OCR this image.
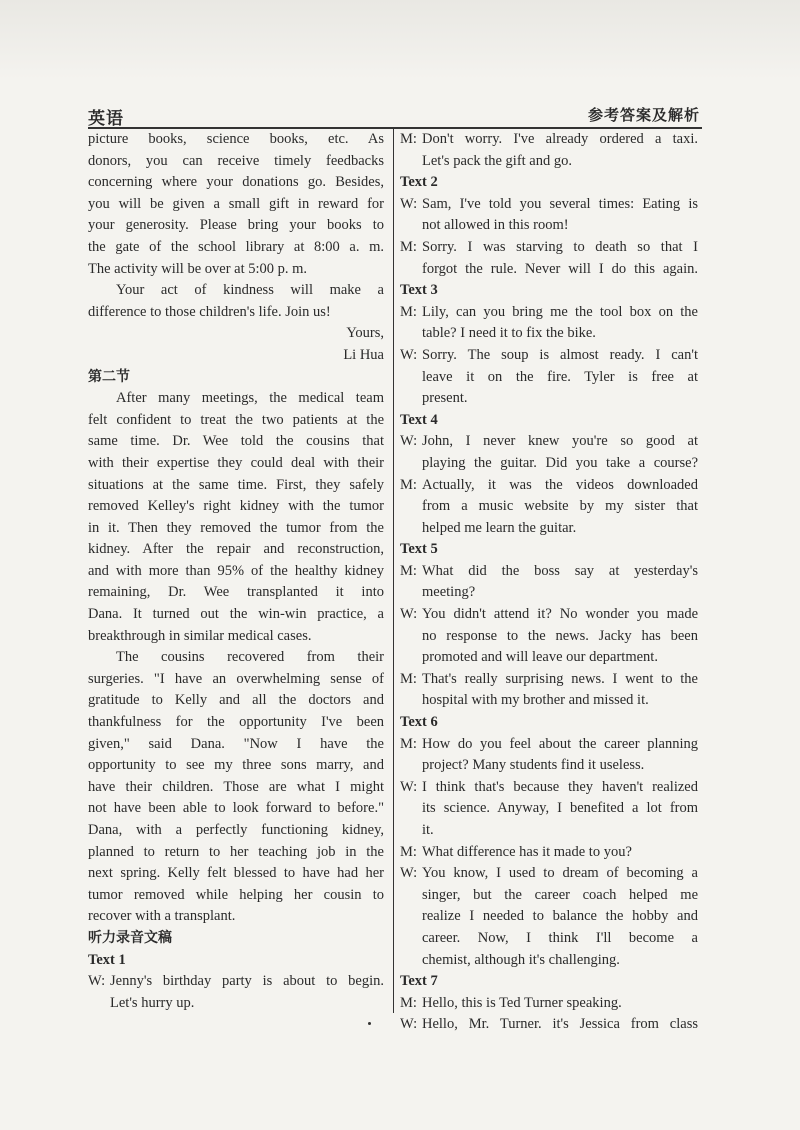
英语	参考答案及解析

picture books, science books, etc. As

donors, you can receive timely feedbacks

concerning where your donations go. Besides,

you will be given a small gift in reward for

your generosity. Please bring your books to

the gate of the school library at 8:00 a. m.

The activity will be over at 5:00 p. m.

Your act of kindness will make a

difference to those children's life. Join us!

Yours,

Li Hua

第二节

After many meetings, the medical team

felt confident to treat the two patients at the

same time. Dr. Wee told the cousins that

with their expertise they could deal with their

situations at the same time. First, they safely

removed Kelley's right kidney with the tumor

in it. Then they removed the tumor from the

kidney. After the repair and reconstruction,

and with more than 95% of the healthy kidney

remaining, Dr. Wee transplanted it into

Dana. It turned out the win-win practice, a

breakthrough in similar medical cases.

The cousins recovered from their

surgeries. "I have an overwhelming sense of

gratitude to Kelly and all the doctors and

thankfulness for the opportunity I've been

given," said Dana. "Now I have the

opportunity to see my three sons marry, and

have their children. Those are what I might

not have been able to look forward to before."

Dana, with a perfectly functioning kidney,

planned to return to her teaching job in the

next spring. Kelly felt blessed to have had her

tumor removed while helping her cousin to

recover with a transplant.

听力录音文稿

Text 1

W: Jenny's birthday party is about to begin.

Let's hurry up.

M: Don't worry. I've already ordered a taxi.

Let's pack the gift and go.

Text 2

W: Sam, I've told you several times: Eating is

not allowed in this room!

M: Sorry. I was starving to death so that I

forgot the rule. Never will I do this again.

Text 3

M: Lily, can you bring me the tool box on the

table? I need it to fix the bike.

W: Sorry. The soup is almost ready. I can't

leave it on the fire. Tyler is free at

present.

Text 4

W: John, I never knew you're so good at

playing the guitar. Did you take a course?

M: Actually, it was the videos downloaded

from a music website by my sister that

helped me learn the guitar.

Text 5

M: What did the boss say at yesterday's

meeting?

W: You didn't attend it? No wonder you made

no response to the news. Jacky has been

promoted and will leave our department.

M: That's really surprising news. I went to the

hospital with my brother and missed it.

Text 6

M: How do you feel about the career planning

project? Many students find it useless.

W: I think that's because they haven't realized

its science. Anyway, I benefited a lot from

it.

M: What difference has it made to you?
W: You know, I used to dream of becoming a

singer, but the career coach helped me

realize I needed to balance the hobby and

career. Now, I think I'll become a

chemist, although it's challenging.

Text 7

M: Hello, this is Ted Turner speaking.
W: Hello, Mr. Turner. it's Jessica from class
